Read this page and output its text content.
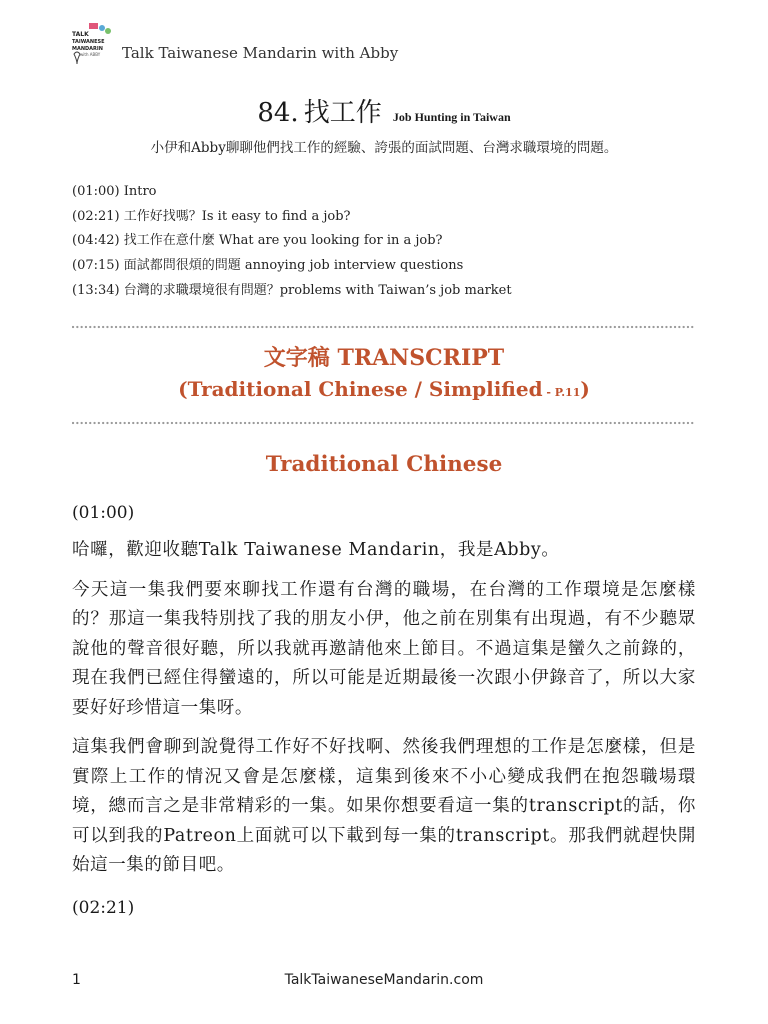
TALK
TAIWANESE
MANDARIN
with ABBY Talk Taiwanese Mandarin with Abby
84. 找工作 Job Hunting in Taiwan
小伊和Abby聊聊他們找工作的經驗、誇張的面試問題、台灣求職環境的問題。
(01:00) Intro
(02:21) 工作好找嗎？Is it easy to find a job?
(04:42) 找工作在意什麼 What are you looking for in a job?
(07:15) 面試都問很煩的問題 annoying job interview questions
(13:34) 台灣的求職環境很有問題？problems with Taiwan’s job market
文字稿 TRANSCRIPT
(Traditional Chinese / Simplified - P.11)
Traditional Chinese

(01:00)

哈囉，歡迎收聽Talk Taiwanese Mandarin，我是Abby。

今天這一集我們要來聊找工作還有台灣的職場，在台灣的工作環境是怎麼樣的？那這一集我特別找了我的朋友小伊，他之前在別集有出現過，有不少聽眾說他的聲音很好聽，所以我就再邀請他來上節目。不過這集是蠻久之前錄的，現在我們已經住得蠻遠的，所以可能是近期最後一次跟小伊錄音了，所以大家要好好珍惜這一集呀。

這集我們會聊到說覺得工作好不好找啊、然後我們理想的工作是怎麼樣，但是實際上工作的情況又會是怎麼樣，這集到後來不小心變成我們在抱怨職場環境，總而言之是非常精彩的一集。如果你想要看這一集的transcript的話，你可以到我的Patreon上面就可以下載到每一集的transcript。那我們就趕快開始這一集的節目吧。

(02:21)

1	TalkTaiwaneseMandarin.com
